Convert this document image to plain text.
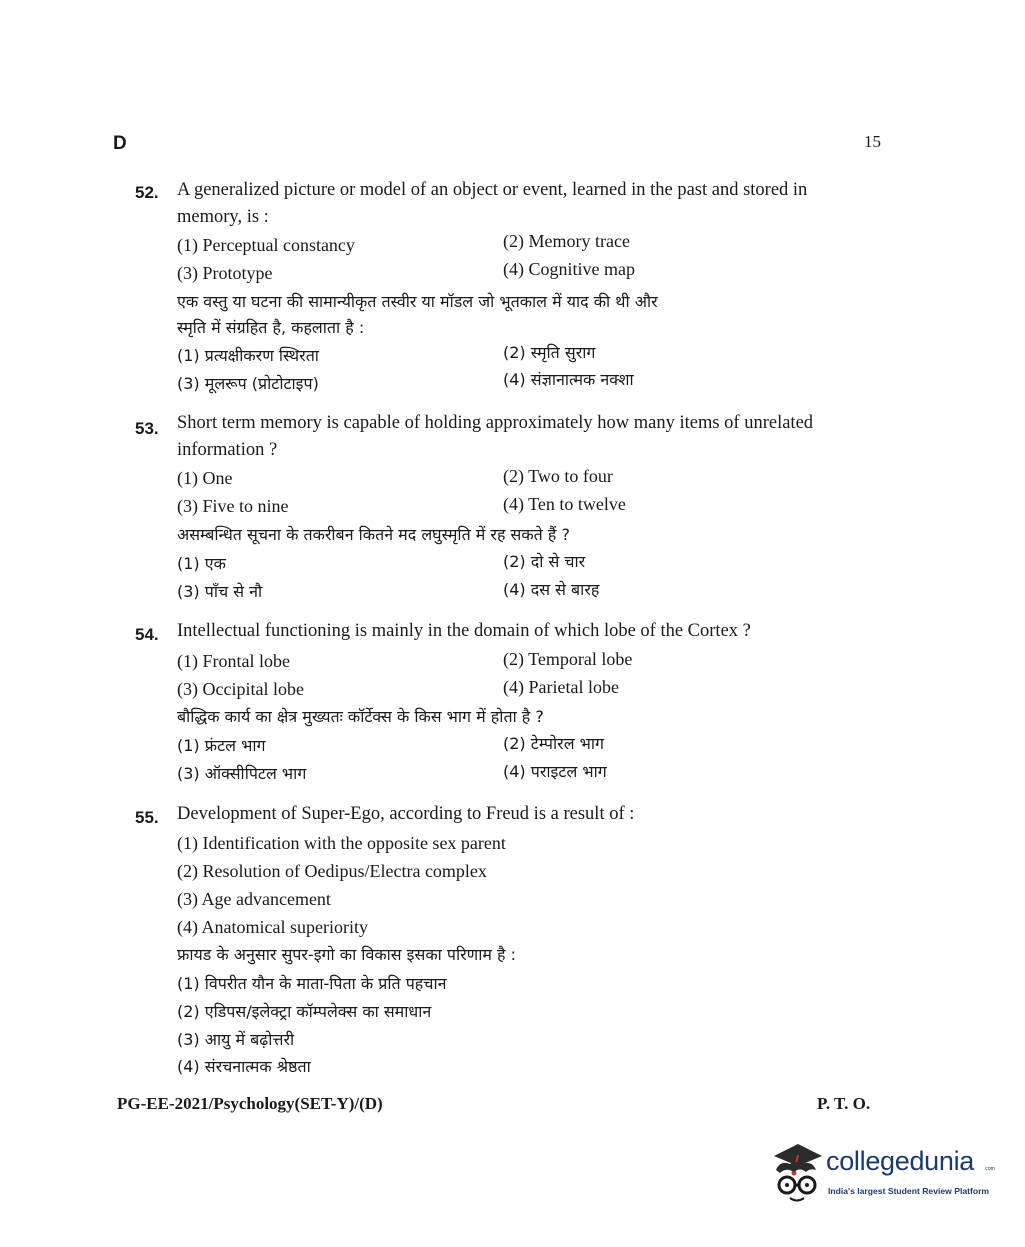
D	15
52. A generalized picture or model of an object or event, learned in the past and stored in
memory, is :
(1) Perceptual constancy	(2) Memory trace
(3) Prototype	(4) Cognitive map
एक वस्तु या घटना की सामान्यीकृत तस्वीर या मॉडल जो भूतकाल में याद की थी और
स्मृति में संग्रहित है, कहलाता है :
(1) प्रत्यक्षीकरण स्थिरता	(2) स्मृति सुराग
(3) मूलरूप (प्रोटोटाइप)	(4) संज्ञानात्मक नक्शा
53. Short term memory is capable of holding approximately how many items of unrelated
information ?
(1) One	(2) Two to four
(3) Five to nine	(4) Ten to twelve
असम्बन्धित सूचना के तकरीबन कितने मद लघुस्मृति में रह सकते हैं ?
(1) एक	(2) दो से चार
(3) पाँच से नौ	(4) दस से बारह
54. Intellectual functioning is mainly in the domain of which lobe of the Cortex ?
(1) Frontal lobe	(2) Temporal lobe
(3) Occipital lobe	(4) Parietal lobe
बौद्धिक कार्य का क्षेत्र मुख्यतः कॉर्टेक्स के किस भाग में होता है ?
(1) फ्रंटल भाग	(2) टेम्पोरल भाग
(3) ऑक्सीपिटल भाग	(4) पराइटल भाग
55. Development of Super-Ego, according to Freud is a result of :
(1) Identification with the opposite sex parent
(2) Resolution of Oedipus/Electra complex
(3) Age advancement
(4) Anatomical superiority
फ्रायड के अनुसार सुपर-इगो का विकास इसका परिणाम है :
(1) विपरीत यौन के माता-पिता के प्रति पहचान
(2) एडिपस/इलेक्ट्रा कॉम्पलेक्स का समाधान
(3) आयु में बढ़ोत्तरी
(4) संरचनात्मक श्रेष्ठता
PG-EE-2021/Psychology(SET-Y)/(D)	P. T. O.
collegedunia .com
India's largest Student Review Platform
